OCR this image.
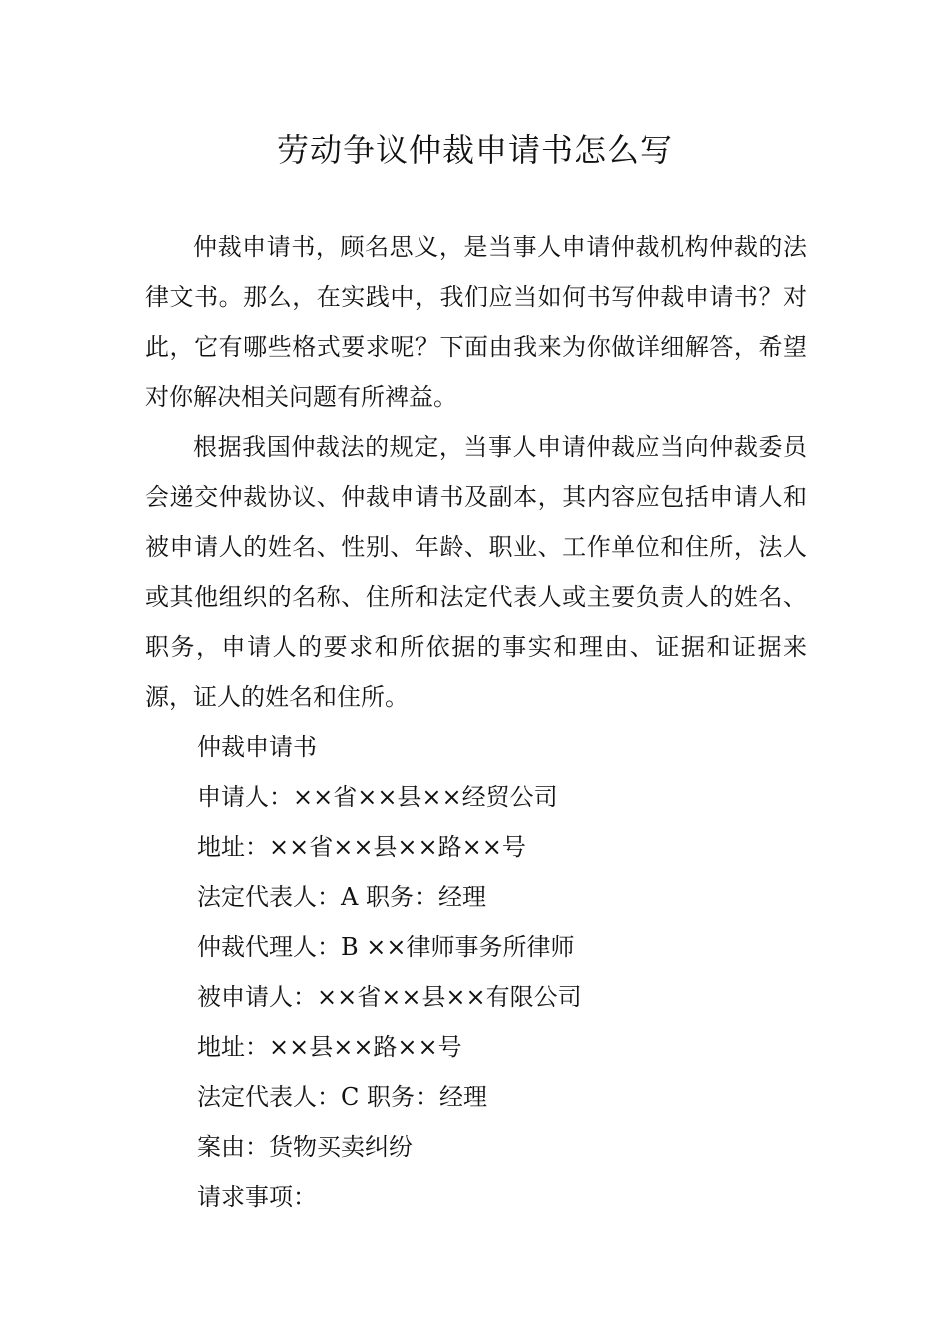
劳动争议仲裁申请书怎么写

仲裁申请书，顾名思义，是当事人申请仲裁机构仲裁的法律文书。那么，在实践中，我们应当如何书写仲裁申请书？对此，它有哪些格式要求呢？下面由我来为你做详细解答，希望对你解决相关问题有所裨益。

根据我国仲裁法的规定，当事人申请仲裁应当向仲裁委员会递交仲裁协议、仲裁申请书及副本，其内容应包括申请人和被申请人的姓名、性别、年龄、职业、工作单位和住所，法人或其他组织的名称、住所和法定代表人或主要负责人的姓名、职务，申请人的要求和所依据的事实和理由、证据和证据来源，证人的姓名和住所。

仲裁申请书

申请人：××省××县××经贸公司

地址：××省××县××路××号

法定代表人：A 职务：经理

仲裁代理人：B ××律师事务所律师

被申请人：××省××县××有限公司

地址：××县××路××号

法定代表人：C 职务：经理

案由：货物买卖纠纷

请求事项：
